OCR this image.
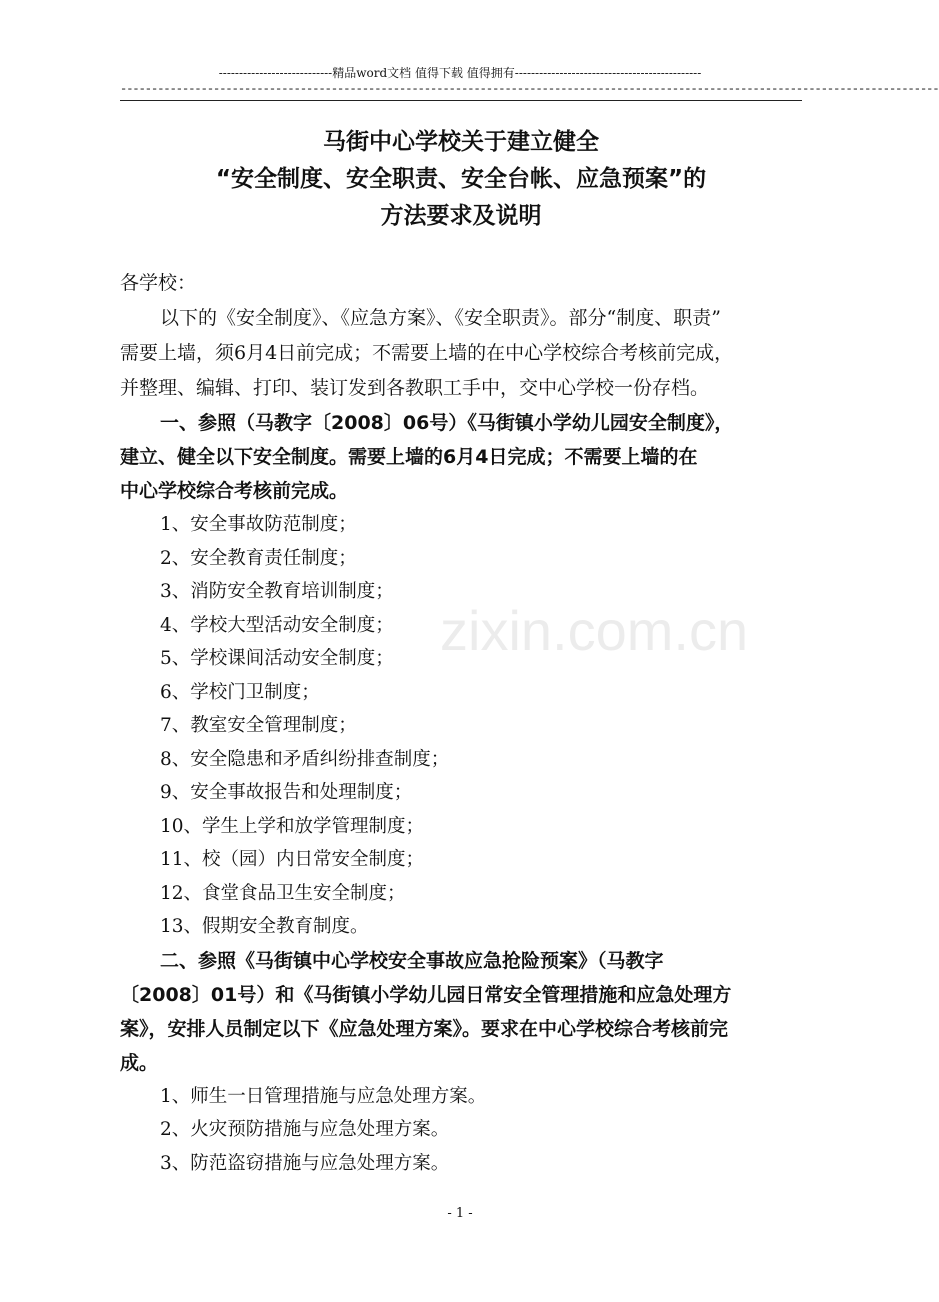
----------------------------精品word文档 值得下载 值得拥有----------------------------------------------
------------------------------------------------------------------------------------------------------------------------------------
马街中心学校关于建立健全
“安全制度、安全职责、安全台帐、应急预案”的
方法要求及说明

各学校：

以下的《安全制度》、《应急方案》、《安全职责》。部分“制度、职责”
需要上墙，须6月4日前完成；不需要上墙的在中心学校综合考核前完成，
并整理、编辑、打印、装订发到各教职工手中，交中心学校一份存档。
一、参照（马教字〔2008〕06号）《马街镇小学幼儿园安全制度》，
建立、健全以下安全制度。需要上墙的6月4日完成；不需要上墙的在
中心学校综合考核前完成。
1、安全事故防范制度；
2、安全教育责任制度；
3、消防安全教育培训制度；
4、学校大型活动安全制度；
5、学校课间活动安全制度；
6、学校门卫制度；
7、教室安全管理制度；
8、安全隐患和矛盾纠纷排查制度；
9、安全事故报告和处理制度；
10、学生上学和放学管理制度；
11、校（园）内日常安全制度；
12、食堂食品卫生安全制度；
13、假期安全教育制度。
二、参照《马街镇中心学校安全事故应急抢险预案》（马教字
〔2008〕01号）和《马街镇小学幼儿园日常安全管理措施和应急处理方
案》，安排人员制定以下《应急处理方案》。要求在中心学校综合考核前完
成。
1、师生一日管理措施与应急处理方案。
2、火灾预防措施与应急处理方案。
3、防范盗窃措施与应急处理方案。
zixin.com.cn
- 1 -
